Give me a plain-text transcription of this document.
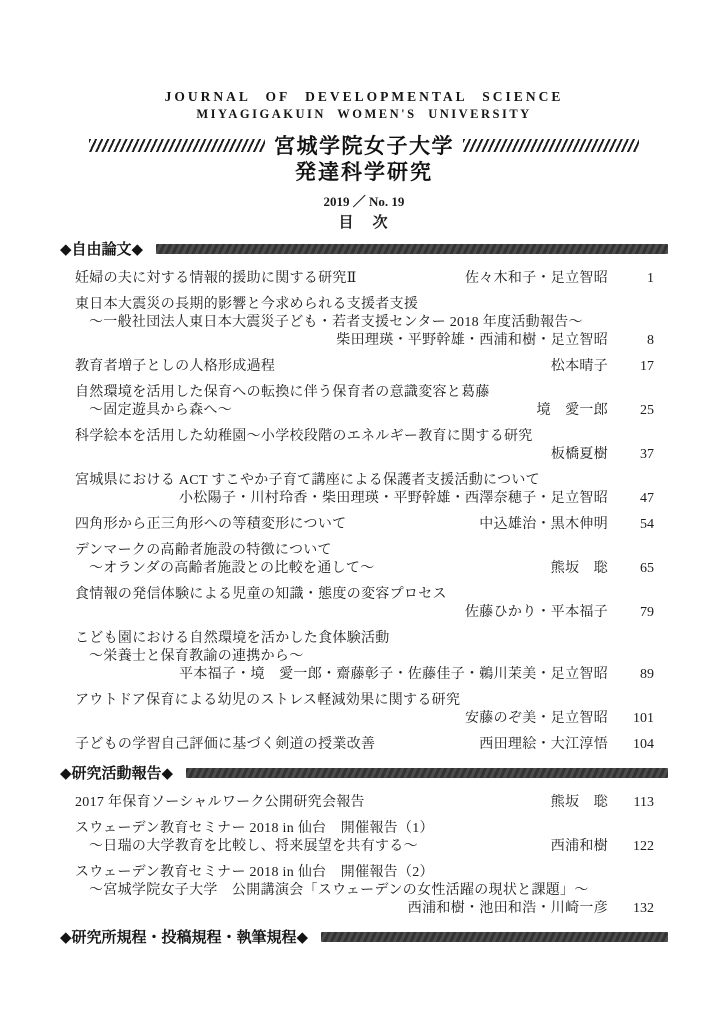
JOURNAL OF DEVELOPMENTAL SCIENCE
MIYAGIGAKUIN WOMEN'S UNIVERSITY
宮城学院女子大学
発達科学研究
2019 ／ No. 19
目　次
◆自由論文◆
妊婦の夫に対する情報的援助に関する研究Ⅱ	佐々木和子・足立智昭	1
東日本大震災の長期的影響と今求められる支援者支援
～一般社団法人東日本大震災子ども・若者支援センター 2018 年度活動報告～
柴田理瑛・平野幹雄・西浦和樹・足立智昭	8
教育者増子としの人格形成過程	松本晴子	17
自然環境を活用した保育への転換に伴う保育者の意識変容と葛藤
～固定遊具から森へ～	境　愛一郎	25
科学絵本を活用した幼稚園～小学校段階のエネルギー教育に関する研究
板橋夏樹	37
宮城県における ACT すこやか子育て講座による保護者支援活動について
小松陽子・川村玲香・柴田理瑛・平野幹雄・西澤奈穂子・足立智昭	47
四角形から正三角形への等積変形について	中込雄治・黒木伸明	54
デンマークの高齢者施設の特徴について
～オランダの高齢者施設との比較を通して～	熊坂　聡	65
食情報の発信体験による児童の知識・態度の変容プロセス
佐藤ひかり・平本福子	79
こども園における自然環境を活かした食体験活動
～栄養士と保育教諭の連携から～
平本福子・境　愛一郎・齋藤彰子・佐藤佳子・鵜川茉美・足立智昭	89
アウトドア保育による幼児のストレス軽減効果に関する研究
安藤のぞ美・足立智昭	101
子どもの学習自己評価に基づく剣道の授業改善	西田理絵・大江淳悟	104
◆研究活動報告◆
2017 年保育ソーシャルワーク公開研究会報告	熊坂　聡	113
スウェーデン教育セミナー 2018 in 仙台　開催報告（1）
～日瑞の大学教育を比較し、将来展望を共有する～	西浦和樹	122
スウェーデン教育セミナー 2018 in 仙台　開催報告（2）
～宮城学院女子大学　公開講演会「スウェーデンの女性活躍の現状と課題」～
西浦和樹・池田和浩・川崎一彦	132
◆研究所規程・投稿規程・執筆規程◆
